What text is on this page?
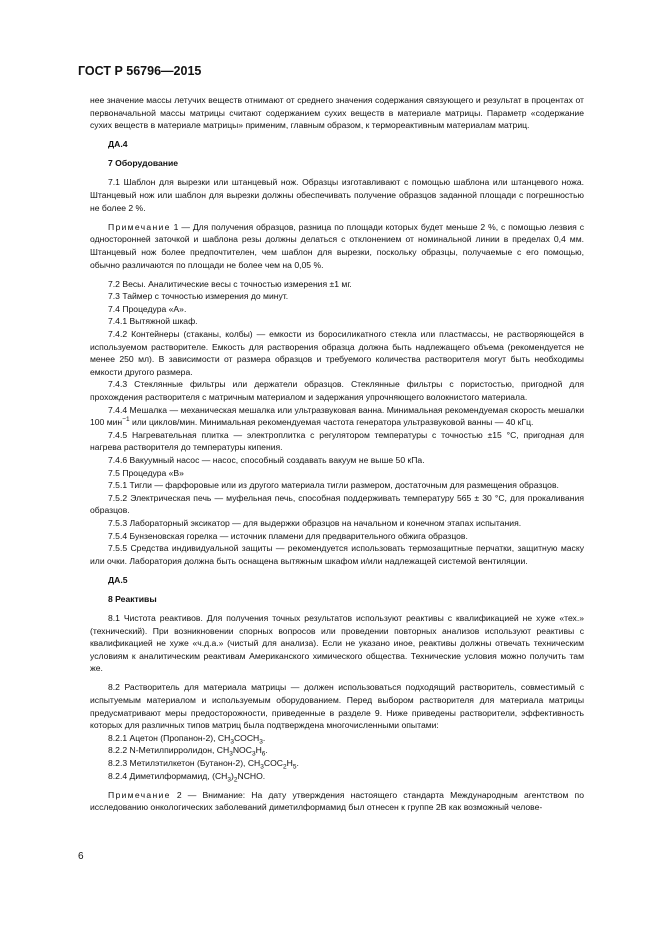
ГОСТ Р 56796—2015

нее значение массы летучих веществ отнимают от среднего значения содержания связующего и результат в процентах от первоначальной массы матрицы считают содержанием сухих веществ в материале матрицы. Параметр «содержание сухих веществ в материале матрицы» применим, главным образом, к термореактивным материалам матриц.

ДА.4

7 Оборудование

7.1 Шаблон для вырезки или штанцевый нож. Образцы изготавливают с помощью шаблона или штанцевого ножа. Штанцевый нож или шаблон для вырезки должны обеспечивать получение образцов заданной площади с погрешностью не более 2 %.

Примечание 1 — Для получения образцов, разница по площади которых будет меньше 2 %, с помощью лезвия с односторонней заточкой и шаблона резы должны делаться с отклонением от номинальной линии в пределах 0,4 мм. Штанцевый нож более предпочтителен, чем шаблон для вырезки, поскольку образцы, получаемые с его помощью, обычно различаются по площади не более чем на 0,05 %.

7.2 Весы. Аналитические весы с точностью измерения ±1 мг.

7.3 Таймер с точностью измерения до минут.

7.4 Процедура «А».

7.4.1 Вытяжной шкаф.

7.4.2 Контейнеры (стаканы, колбы) — емкости из боросиликатного стекла или пластмассы, не растворяющейся в используемом растворителе. Емкость для растворения образца должна быть надлежащего объема (рекомендуется не менее 250 мл). В зависимости от размера образцов и требуемого количества растворителя могут быть необходимы емкости другого размера.

7.4.3 Стеклянные фильтры или держатели образцов. Стеклянные фильтры с пористостью, пригодной для прохождения растворителя с матричным материалом и задержания упрочняющего волокнистого материала.

7.4.4 Мешалка — механическая мешалка или ультразвуковая ванна. Минимальная рекомендуемая скорость мешалки 100 мин$^{-1}$ или циклов/мин. Минимальная рекомендуемая частота генератора ультразвуковой ванны — 40 кГц.

7.4.5 Нагревательная плитка — электроплитка с регулятором температуры с точностью ±15 °С, пригодная для нагрева растворителя до температуры кипения.

7.4.6 Вакуумный насос — насос, способный создавать вакуум не выше 50 кПа.

7.5 Процедура «В»

7.5.1 Тигли — фарфоровые или из другого материала тигли размером, достаточным для размещения образцов.

7.5.2 Электрическая печь — муфельная печь, способная поддерживать температуру 565 ± 30 °С, для прокаливания образцов.

7.5.3 Лабораторный эксикатор — для выдержки образцов на начальном и конечном этапах испытания.

7.5.4 Бунзеновская горелка — источник пламени для предварительного обжига образцов.

7.5.5 Средства индивидуальной защиты — рекомендуется использовать термозащитные перчатки, защитную маску или очки. Лаборатория должна быть оснащена вытяжным шкафом и/или надлежащей системой вентиляции.

ДА.5

8 Реактивы

8.1 Чистота реактивов. Для получения точных результатов используют реактивы с квалификацией не хуже «тех.» (технический). При возникновении спорных вопросов или проведении повторных анализов используют реактивы с квалификацией не хуже «ч.д.а.» (чистый для анализа). Если не указано иное, реактивы должны отвечать техническим условиям к аналитическим реактивам Американского химического общества. Технические условия можно получить там же.

8.2 Растворитель для материала матрицы — должен использоваться подходящий растворитель, совместимый с испытуемым материалом и используемым оборудованием. Перед выбором растворителя для материала матрицы предусматривают меры предосторожности, приведенные в разделе 9. Ниже приведены растворители, эффективность которых для различных типов матриц была подтверждена многочисленными опытами:

8.2.1 Ацетон (Пропанон-2), $CH_3COCH_3$.

8.2.2 N-Метилпирролидон, $CH_3NOC_3H_6$.

8.2.3 Метилэтилкетон (Бутанон-2), $CH_3COC_2H_5$.

8.2.4 Диметилформамид, $(CH_3)_2NCHO$.

Примечание 2 — Внимание: На дату утверждения настоящего стандарта Международным агентством по исследованию онкологических заболеваний диметилформамид был отнесен к группе 2В как возможный челове-

6
